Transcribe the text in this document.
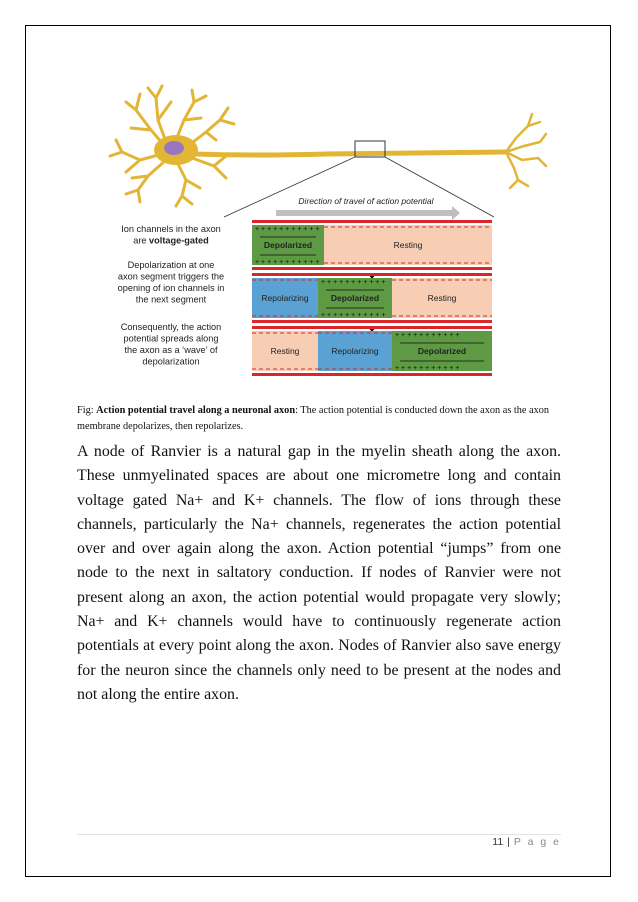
Direction of travel of action potential
Ion channels in the axon
are voltage-gated
Depolarization at one
axon segment triggers the
opening of ion channels in
the next segment
Consequently, the action
potential spreads along
the axon as a ‘wave’ of
depolarization
+ + + + + + + + + + +
+ + + + + + + + + + +
Depolarized	Resting
Repolarizing
+ + + + + + + + + + +
+ + + + + + + + + + +
Depolarized	Resting
Resting	Repolarizing
+ + + + + + + + + + +
+ + + + + + + + + + +
Depolarized
Fig: Action potential travel along a neuronal axon: The action potential is conducted down the axon as the axon membrane depolarizes, then repolarizes.

A node of Ranvier is a natural gap in the myelin sheath along the axon. These unmyelinated spaces are about one micrometre long and contain voltage gated Na+ and K+ channels. The flow of ions through these channels, particularly the Na+ channels, regenerates the action potential over and over again along the axon. Action potential “jumps” from one node to the next in saltatory conduction. If nodes of Ranvier were not present along an axon, the action potential would propagate very slowly; Na+ and K+ channels would have to continuously regenerate action potentials at every point along the axon. Nodes of Ranvier also save energy for the neuron since the channels only need to be present at the nodes and not along the entire axon.

11 | P a g e
